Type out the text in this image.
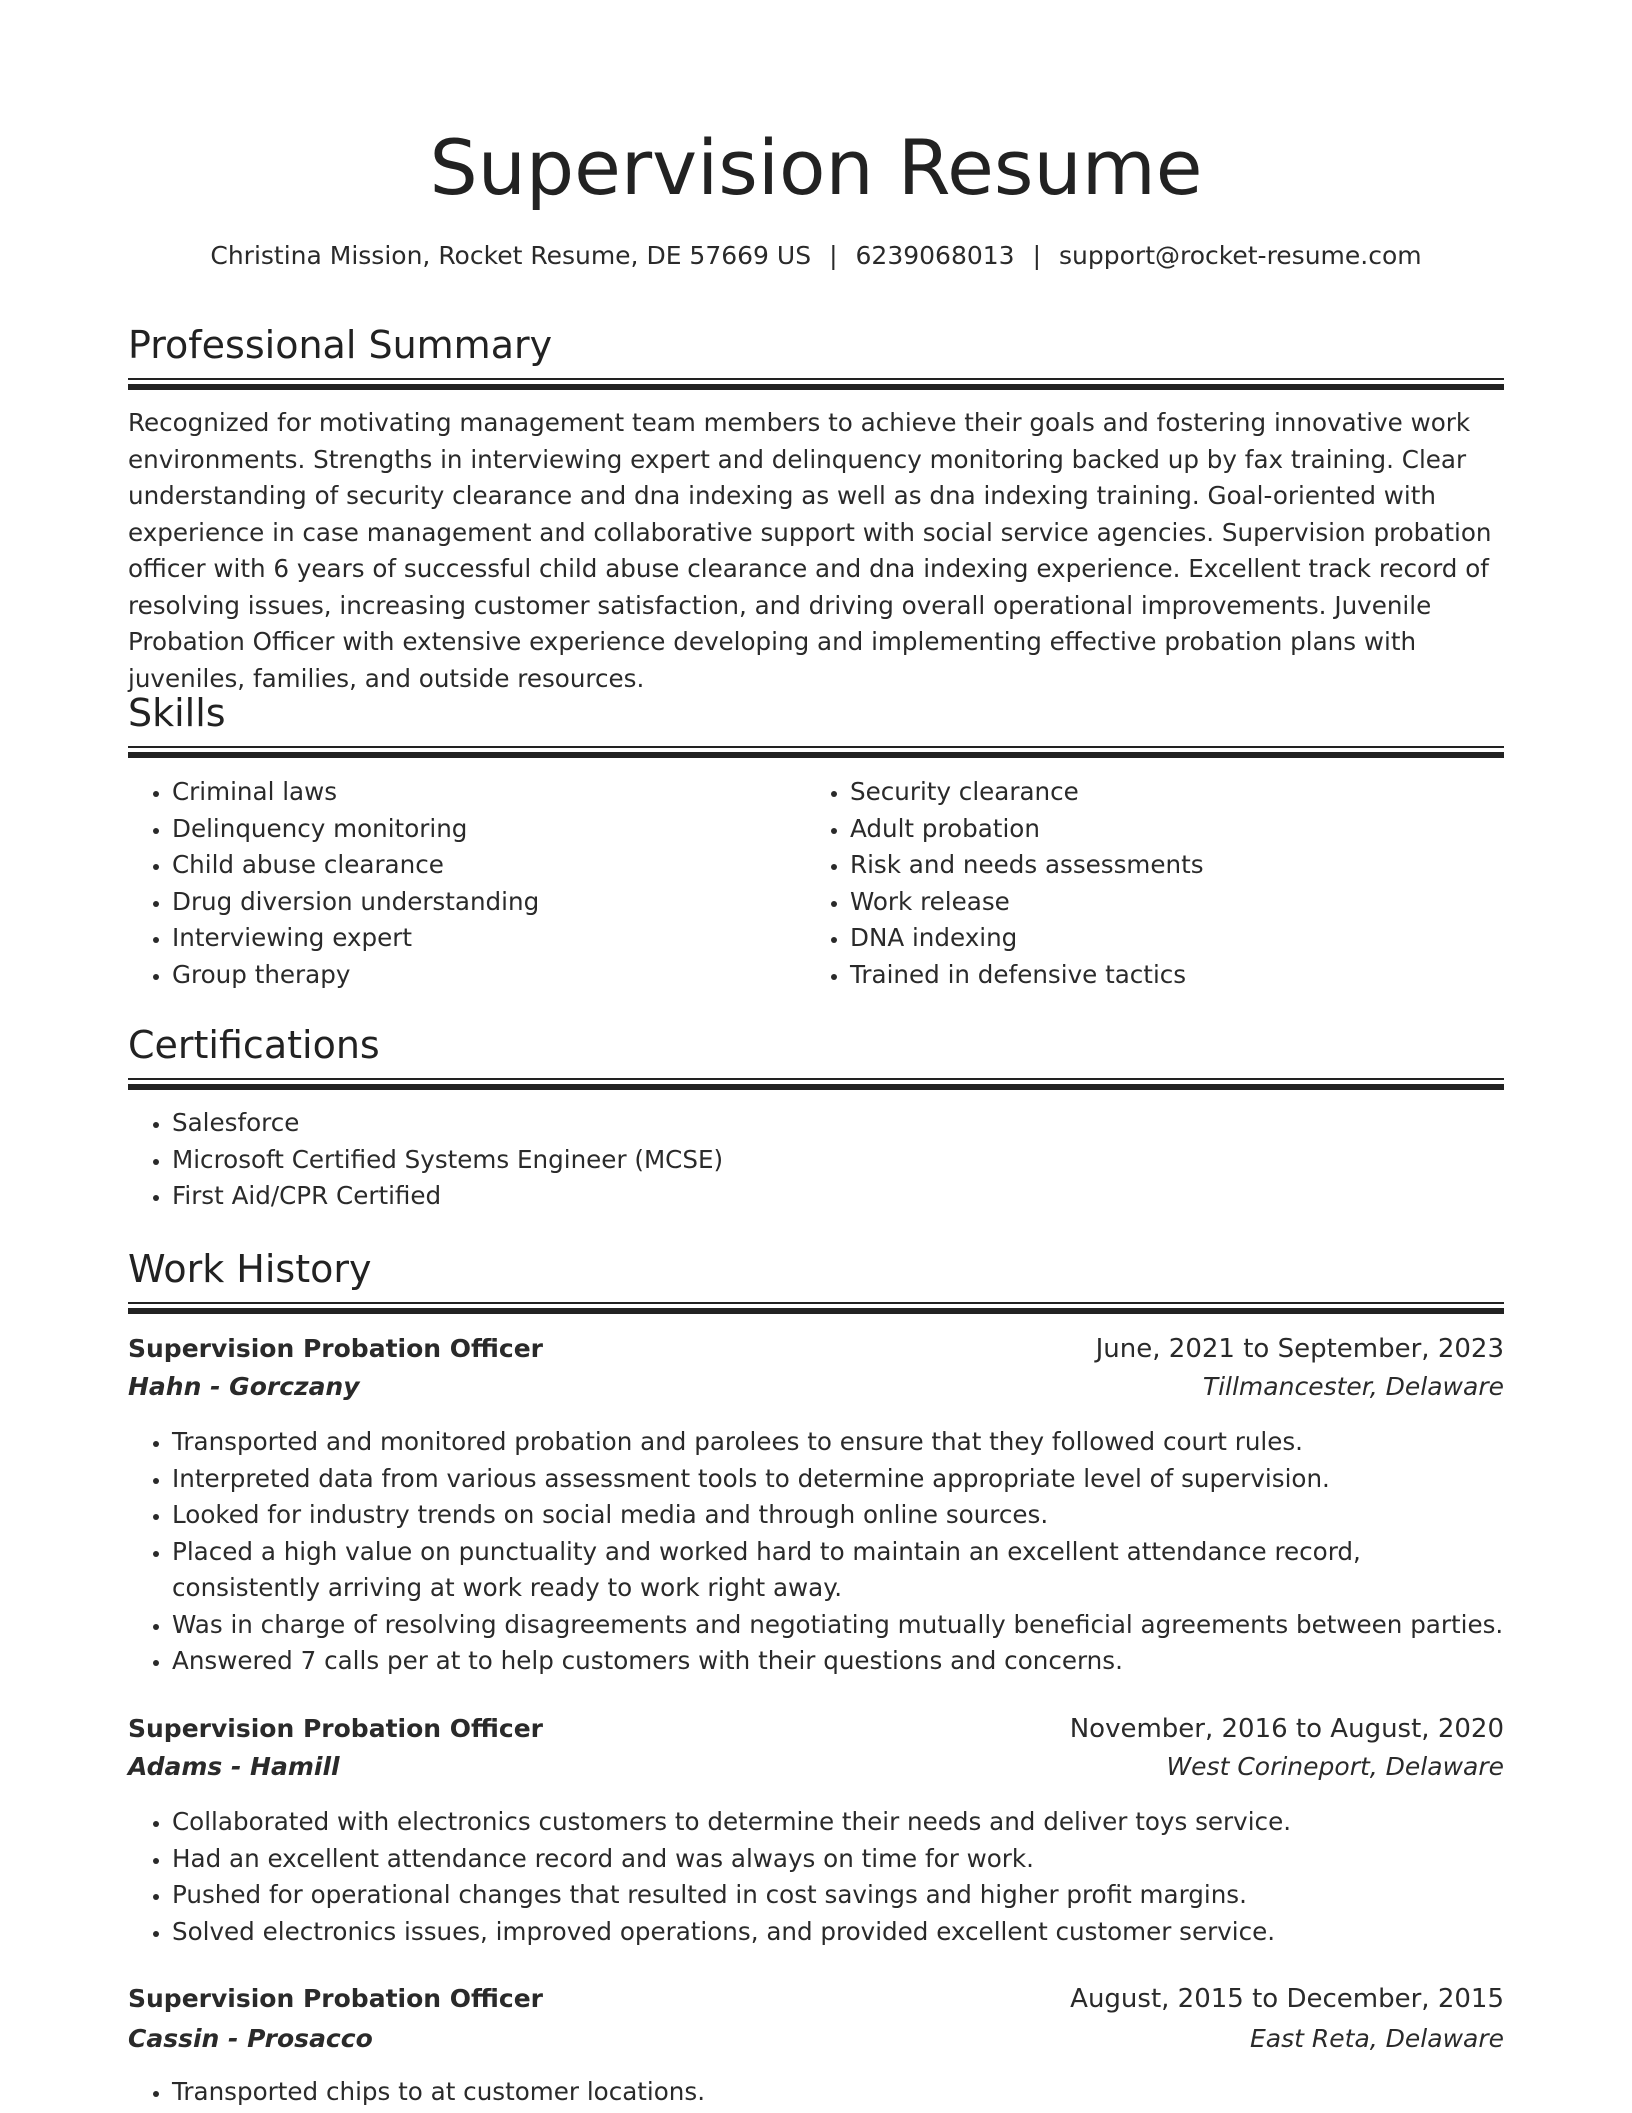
Supervision Resume
Christina Mission, Rocket Resume, DE 57669 US | 6239068013 | support@rocket-resume.com
Professional Summary
Recognized for motivating management team members to achieve their goals and fostering innovative work environments. Strengths in interviewing expert and delinquency monitoring backed up by fax training. Clear understanding of security clearance and dna indexing as well as dna indexing training. Goal-oriented with experience in case management and collaborative support with social service agencies. Supervision probation officer with 6 years of successful child abuse clearance and dna indexing experience. Excellent track record of resolving issues, increasing customer satisfaction, and driving overall operational improvements. Juvenile Probation Officer with extensive experience developing and implementing effective probation plans with juveniles, families, and outside resources.
Skills
• Criminal laws
• Delinquency monitoring
• Child abuse clearance
• Drug diversion understanding
• Interviewing expert
• Group therapy
• Security clearance
• Adult probation
• Risk and needs assessments
• Work release
• DNA indexing
• Trained in defensive tactics
Certifications
• Salesforce
• Microsoft Certified Systems Engineer (MCSE)
• First Aid/CPR Certified
Work History
Supervision Probation Officer	June, 2021 to September, 2023
Hahn - Gorczany	Tillmancester, Delaware
• Transported and monitored probation and parolees to ensure that they followed court rules.
• Interpreted data from various assessment tools to determine appropriate level of supervision.
• Looked for industry trends on social media and through online sources.
• Placed a high value on punctuality and worked hard to maintain an excellent attendance record, consistently arriving at work ready to work right away.
• Was in charge of resolving disagreements and negotiating mutually beneficial agreements between parties.
• Answered 7 calls per at to help customers with their questions and concerns.
Supervision Probation Officer	November, 2016 to August, 2020
Adams - Hamill	West Corineport, Delaware
• Collaborated with electronics customers to determine their needs and deliver toys service.
• Had an excellent attendance record and was always on time for work.
• Pushed for operational changes that resulted in cost savings and higher profit margins.
• Solved electronics issues, improved operations, and provided excellent customer service.
Supervision Probation Officer	August, 2015 to December, 2015
Cassin - Prosacco	East Reta, Delaware
• Transported chips to at customer locations.
